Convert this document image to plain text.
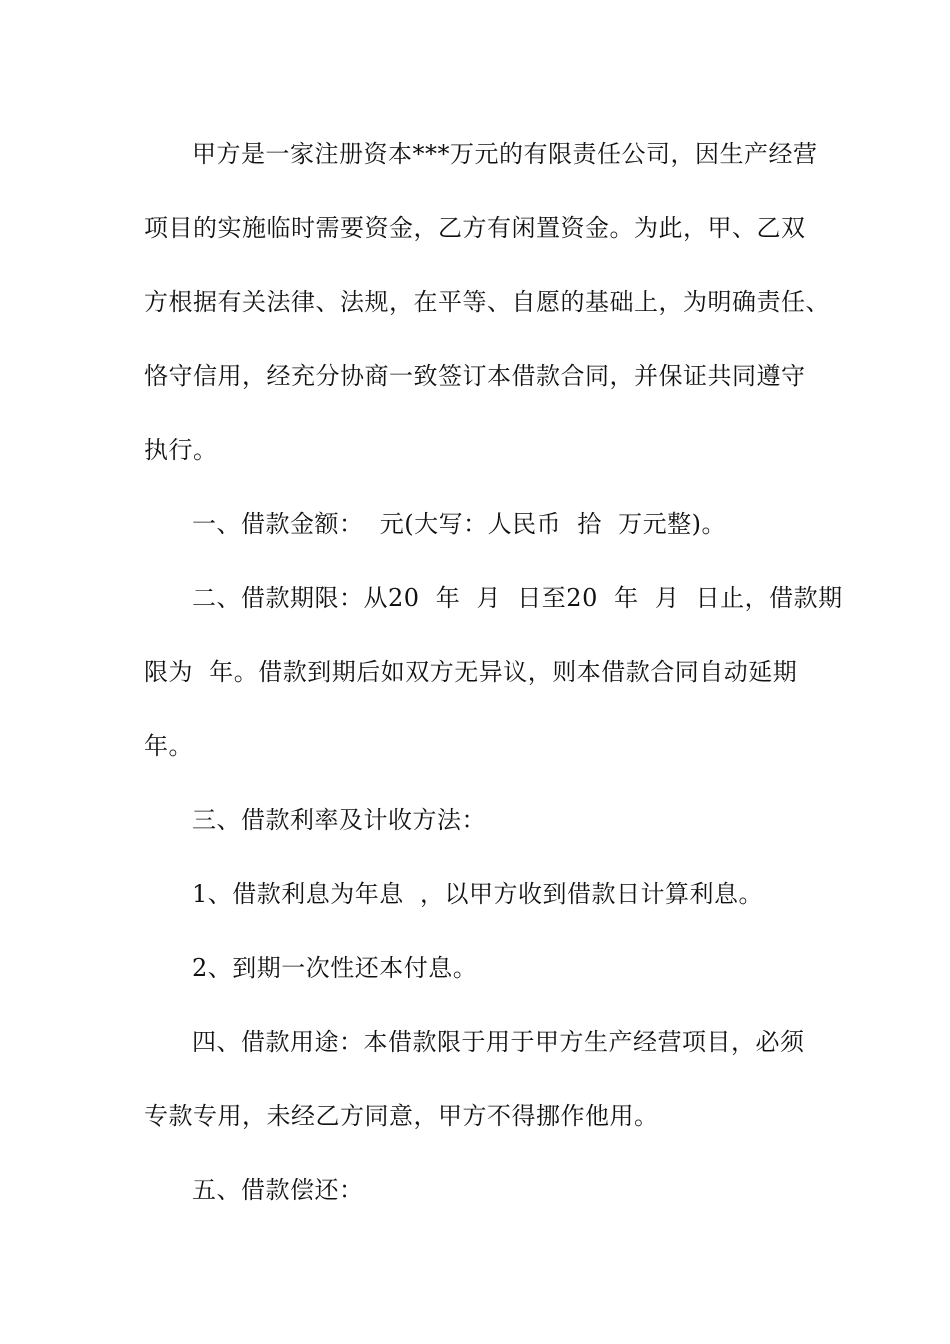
甲方是一家注册资本***万元的有限责任公司，因生产经营
项目的实施临时需要资金，乙方有闲置资金。为此，甲、乙双
方根据有关法律、法规，在平等、自愿的基础上，为明确责任、
恪守信用，经充分协商一致签订本借款合同，并保证共同遵守
执行。
一、借款金额：  元(大写：人民币  拾  万元整)。
二、借款期限：从20  年  月  日至20  年  月  日止，借款期
限为  年。借款到期后如双方无异议，则本借款合同自动延期
年。
三、借款利率及计收方法：
1、借款利息为年息  ，以甲方收到借款日计算利息。
2、到期一次性还本付息。
四、借款用途：本借款限于用于甲方生产经营项目，必须
专款专用，未经乙方同意，甲方不得挪作他用。
五、借款偿还：
